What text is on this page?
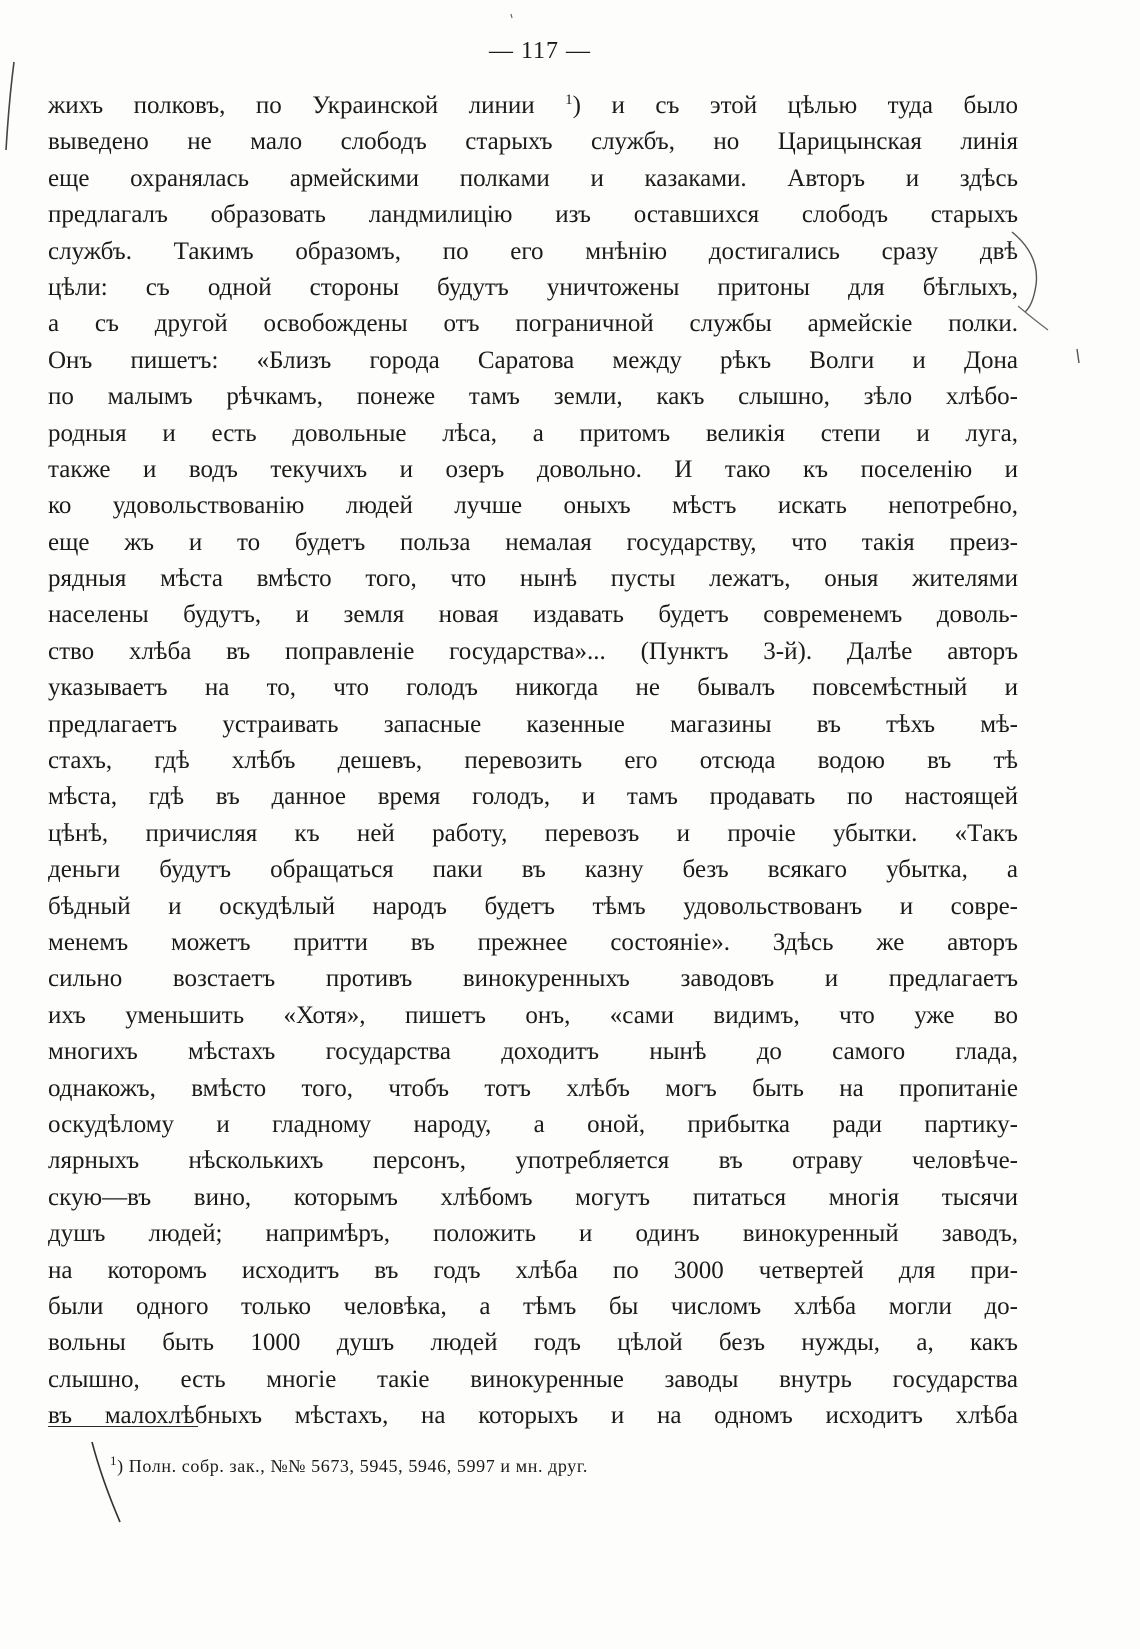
— 117 —
жихъ полковъ, по Украинской линии $^1$) и съ этой цѣлью туда было
выведено не мало слободъ старыхъ службъ, но Царицынская линія
еще охранялась армейскими полками и казаками. Авторъ и здѣсь
предлагалъ образовать ландмилицію изъ оставшихся слободъ старыхъ
службъ. Такимъ образомъ, по его мнѣнію достигались сразу двѣ
цѣли: съ одной стороны будутъ уничтожены притоны для бѣглыхъ,
а съ другой освобождены отъ пограничной службы армейскіе полки.
Онъ пишетъ: «Близъ города Саратова между рѣкъ Волги и Дона
по малымъ рѣчкамъ, понеже тамъ земли, какъ слышно, зѣло хлѣбо-
родныя и есть довольные лѣса, а притомъ великія степи и луга,
также и водъ текучихъ и озеръ довольно. И тако къ поселенію и
ко удовольствованію людей лучше оныхъ мѣстъ искать непотребно,
еще жъ и то будетъ польза немалая государству, что такія преиз-
рядныя мѣста вмѣсто того, что нынѣ пусты лежатъ, оныя жителями
населены будутъ, и земля новая издавать будетъ современемъ доволь-
ство хлѣба въ поправленіе государства»... (Пунктъ 3-й). Далѣе авторъ
указываетъ на то, что голодъ никогда не бывалъ повсемѣстный и
предлагаетъ устраивать запасные казенные магазины въ тѣхъ мѣ-
стахъ, гдѣ хлѣбъ дешевъ, перевозить его отсюда водою въ тѣ
мѣста, гдѣ въ данное время голодъ, и тамъ продавать по настоящей
цѣнѣ, причисляя къ ней работу, перевозъ и прочіе убытки. «Такъ
деньги будутъ обращаться паки въ казну безъ всякаго убытка, а
бѣдный и оскудѣлый народъ будетъ тѣмъ удовольствованъ и совре-
менемъ можетъ притти въ прежнее состояніе». Здѣсь же авторъ
сильно возстаетъ противъ винокуренныхъ заводовъ и предлагаетъ
ихъ уменьшить «Хотя», пишетъ онъ, «сами видимъ, что уже во
многихъ мѣстахъ государства доходитъ нынѣ до самого глада,
однакожъ, вмѣсто того, чтобъ тотъ хлѣбъ могъ быть на пропитаніе
оскудѣлому и гладному народу, а оной, прибытка ради партику-
лярныхъ нѣсколькихъ персонъ, употребляется въ отраву человѣче-
скую—въ вино, которымъ хлѣбомъ могутъ питаться многія тысячи
душъ людей; напримѣръ, положить и одинъ винокуренный заводъ,
на которомъ исходитъ въ годъ хлѣба по 3000 четвертей для при-
были одного только человѣка, а тѣмъ бы числомъ хлѣба могли до-
вольны быть 1000 душъ людей годъ цѣлой безъ нужды, а, какъ
слышно, есть многіе такіе винокуренные заводы внутрь государства
въ малохлѣбныхъ мѣстахъ, на которыхъ и на одномъ исходитъ хлѣба
$^1$) Полн. собр. зак., №№ 5673, 5945, 5946, 5997 и мн. друг.
